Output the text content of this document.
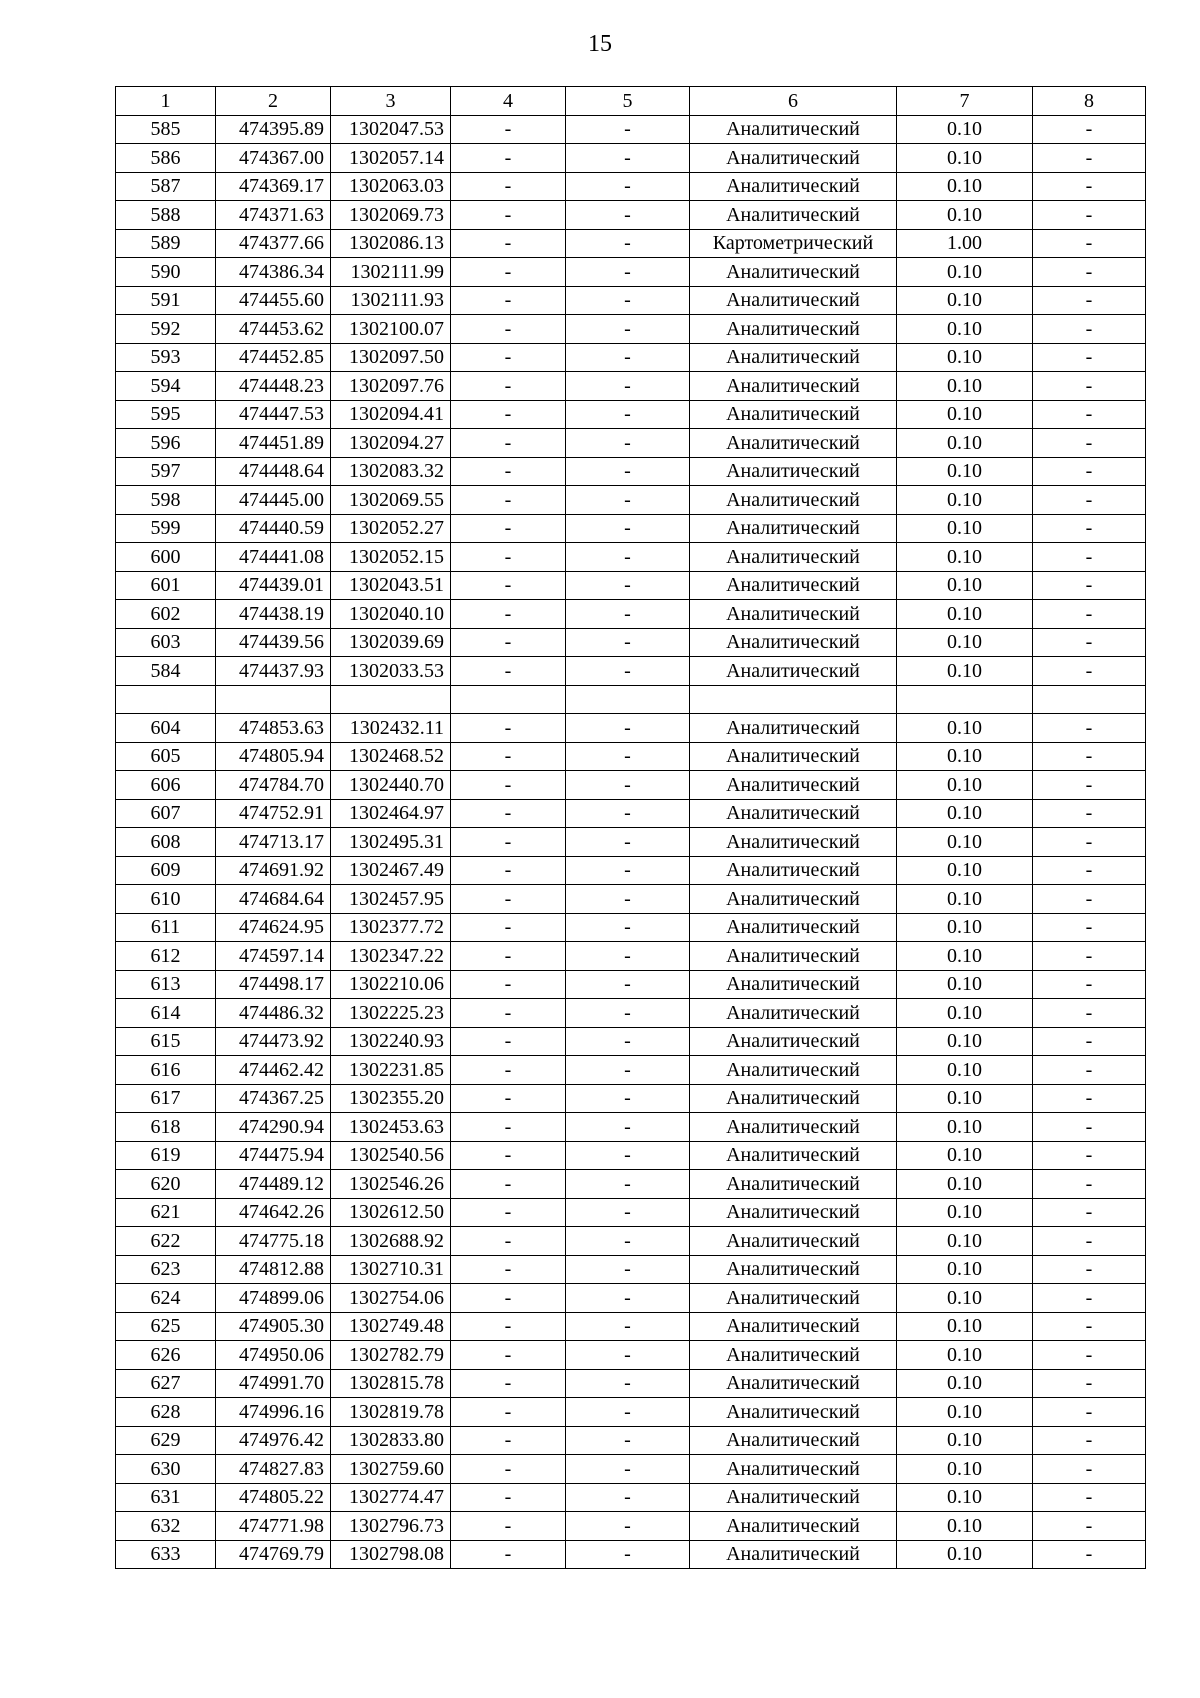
15
1	2	3	4	5	6	7	8
585	474395.89	1302047.53	-	-	Аналитический	0.10	-
586	474367.00	1302057.14	-	-	Аналитический	0.10	-
587	474369.17	1302063.03	-	-	Аналитический	0.10	-
588	474371.63	1302069.73	-	-	Аналитический	0.10	-
589	474377.66	1302086.13	-	-	Картометрический	1.00	-
590	474386.34	1302111.99	-	-	Аналитический	0.10	-
591	474455.60	1302111.93	-	-	Аналитический	0.10	-
592	474453.62	1302100.07	-	-	Аналитический	0.10	-
593	474452.85	1302097.50	-	-	Аналитический	0.10	-
594	474448.23	1302097.76	-	-	Аналитический	0.10	-
595	474447.53	1302094.41	-	-	Аналитический	0.10	-
596	474451.89	1302094.27	-	-	Аналитический	0.10	-
597	474448.64	1302083.32	-	-	Аналитический	0.10	-
598	474445.00	1302069.55	-	-	Аналитический	0.10	-
599	474440.59	1302052.27	-	-	Аналитический	0.10	-
600	474441.08	1302052.15	-	-	Аналитический	0.10	-
601	474439.01	1302043.51	-	-	Аналитический	0.10	-
602	474438.19	1302040.10	-	-	Аналитический	0.10	-
603	474439.56	1302039.69	-	-	Аналитический	0.10	-
584	474437.93	1302033.53	-	-	Аналитический	0.10	-

604	474853.63	1302432.11	-	-	Аналитический	0.10	-
605	474805.94	1302468.52	-	-	Аналитический	0.10	-
606	474784.70	1302440.70	-	-	Аналитический	0.10	-
607	474752.91	1302464.97	-	-	Аналитический	0.10	-
608	474713.17	1302495.31	-	-	Аналитический	0.10	-
609	474691.92	1302467.49	-	-	Аналитический	0.10	-
610	474684.64	1302457.95	-	-	Аналитический	0.10	-
611	474624.95	1302377.72	-	-	Аналитический	0.10	-
612	474597.14	1302347.22	-	-	Аналитический	0.10	-
613	474498.17	1302210.06	-	-	Аналитический	0.10	-
614	474486.32	1302225.23	-	-	Аналитический	0.10	-
615	474473.92	1302240.93	-	-	Аналитический	0.10	-
616	474462.42	1302231.85	-	-	Аналитический	0.10	-
617	474367.25	1302355.20	-	-	Аналитический	0.10	-
618	474290.94	1302453.63	-	-	Аналитический	0.10	-
619	474475.94	1302540.56	-	-	Аналитический	0.10	-
620	474489.12	1302546.26	-	-	Аналитический	0.10	-
621	474642.26	1302612.50	-	-	Аналитический	0.10	-
622	474775.18	1302688.92	-	-	Аналитический	0.10	-
623	474812.88	1302710.31	-	-	Аналитический	0.10	-
624	474899.06	1302754.06	-	-	Аналитический	0.10	-
625	474905.30	1302749.48	-	-	Аналитический	0.10	-
626	474950.06	1302782.79	-	-	Аналитический	0.10	-
627	474991.70	1302815.78	-	-	Аналитический	0.10	-
628	474996.16	1302819.78	-	-	Аналитический	0.10	-
629	474976.42	1302833.80	-	-	Аналитический	0.10	-
630	474827.83	1302759.60	-	-	Аналитический	0.10	-
631	474805.22	1302774.47	-	-	Аналитический	0.10	-
632	474771.98	1302796.73	-	-	Аналитический	0.10	-
633	474769.79	1302798.08	-	-	Аналитический	0.10	-
